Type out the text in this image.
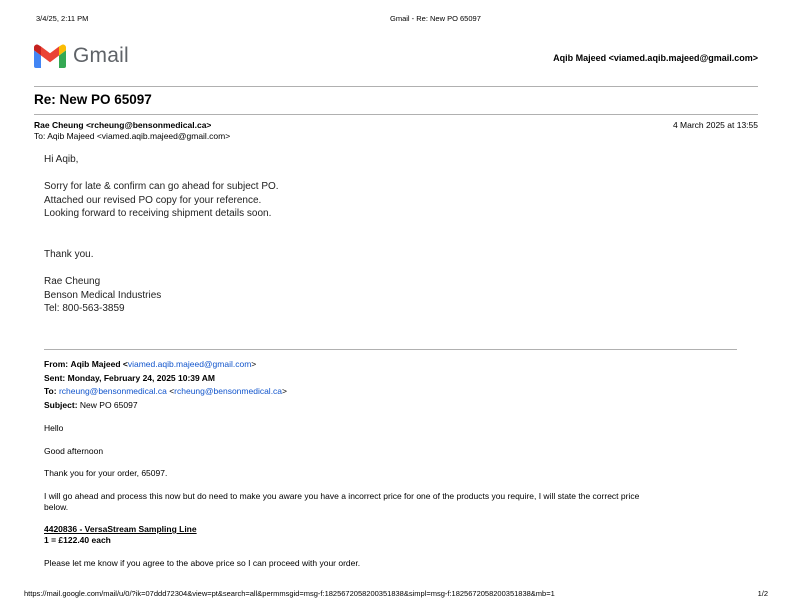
3/4/25, 2:11 PM	Gmail - Re: New PO 65097
Gmail	Aqib Majeed <viamed.aqib.majeed@gmail.com>
Re: New PO 65097
Rae Cheung <rcheung@bensonmedical.ca>
To: Aqib Majeed <viamed.aqib.majeed@gmail.com>
4 March 2025 at 13:55
Hi Aqib,
Sorry for late & confirm can go ahead for subject PO.
Attached our revised PO copy for your reference.
Looking forward to receiving shipment details soon.
Thank you.
Rae Cheung
Benson Medical Industries
Tel: 800-563-3859
From: Aqib Majeed <viamed.aqib.majeed@gmail.com>
Sent: Monday, February 24, 2025 10:39 AM
To: rcheung@bensonmedical.ca <rcheung@bensonmedical.ca>
Subject: New PO 65097
Hello
Good afternoon
Thank you for your order, 65097.
I will go ahead and process this now but do need to make you aware you have a incorrect price for one of the products you require, I will state the correct price
below.
4420836 - VersaStream Sampling Line
1 = £122.40 each
Please let me know if you agree to the above price so I can proceed with your order.
https://mail.google.com/mail/u/0/?ik=07ddd72304&view=pt&search=all&permmsgid=msg-f:1825672058200351838&simpl=msg-f:1825672058200351838&mb=1	1/2
